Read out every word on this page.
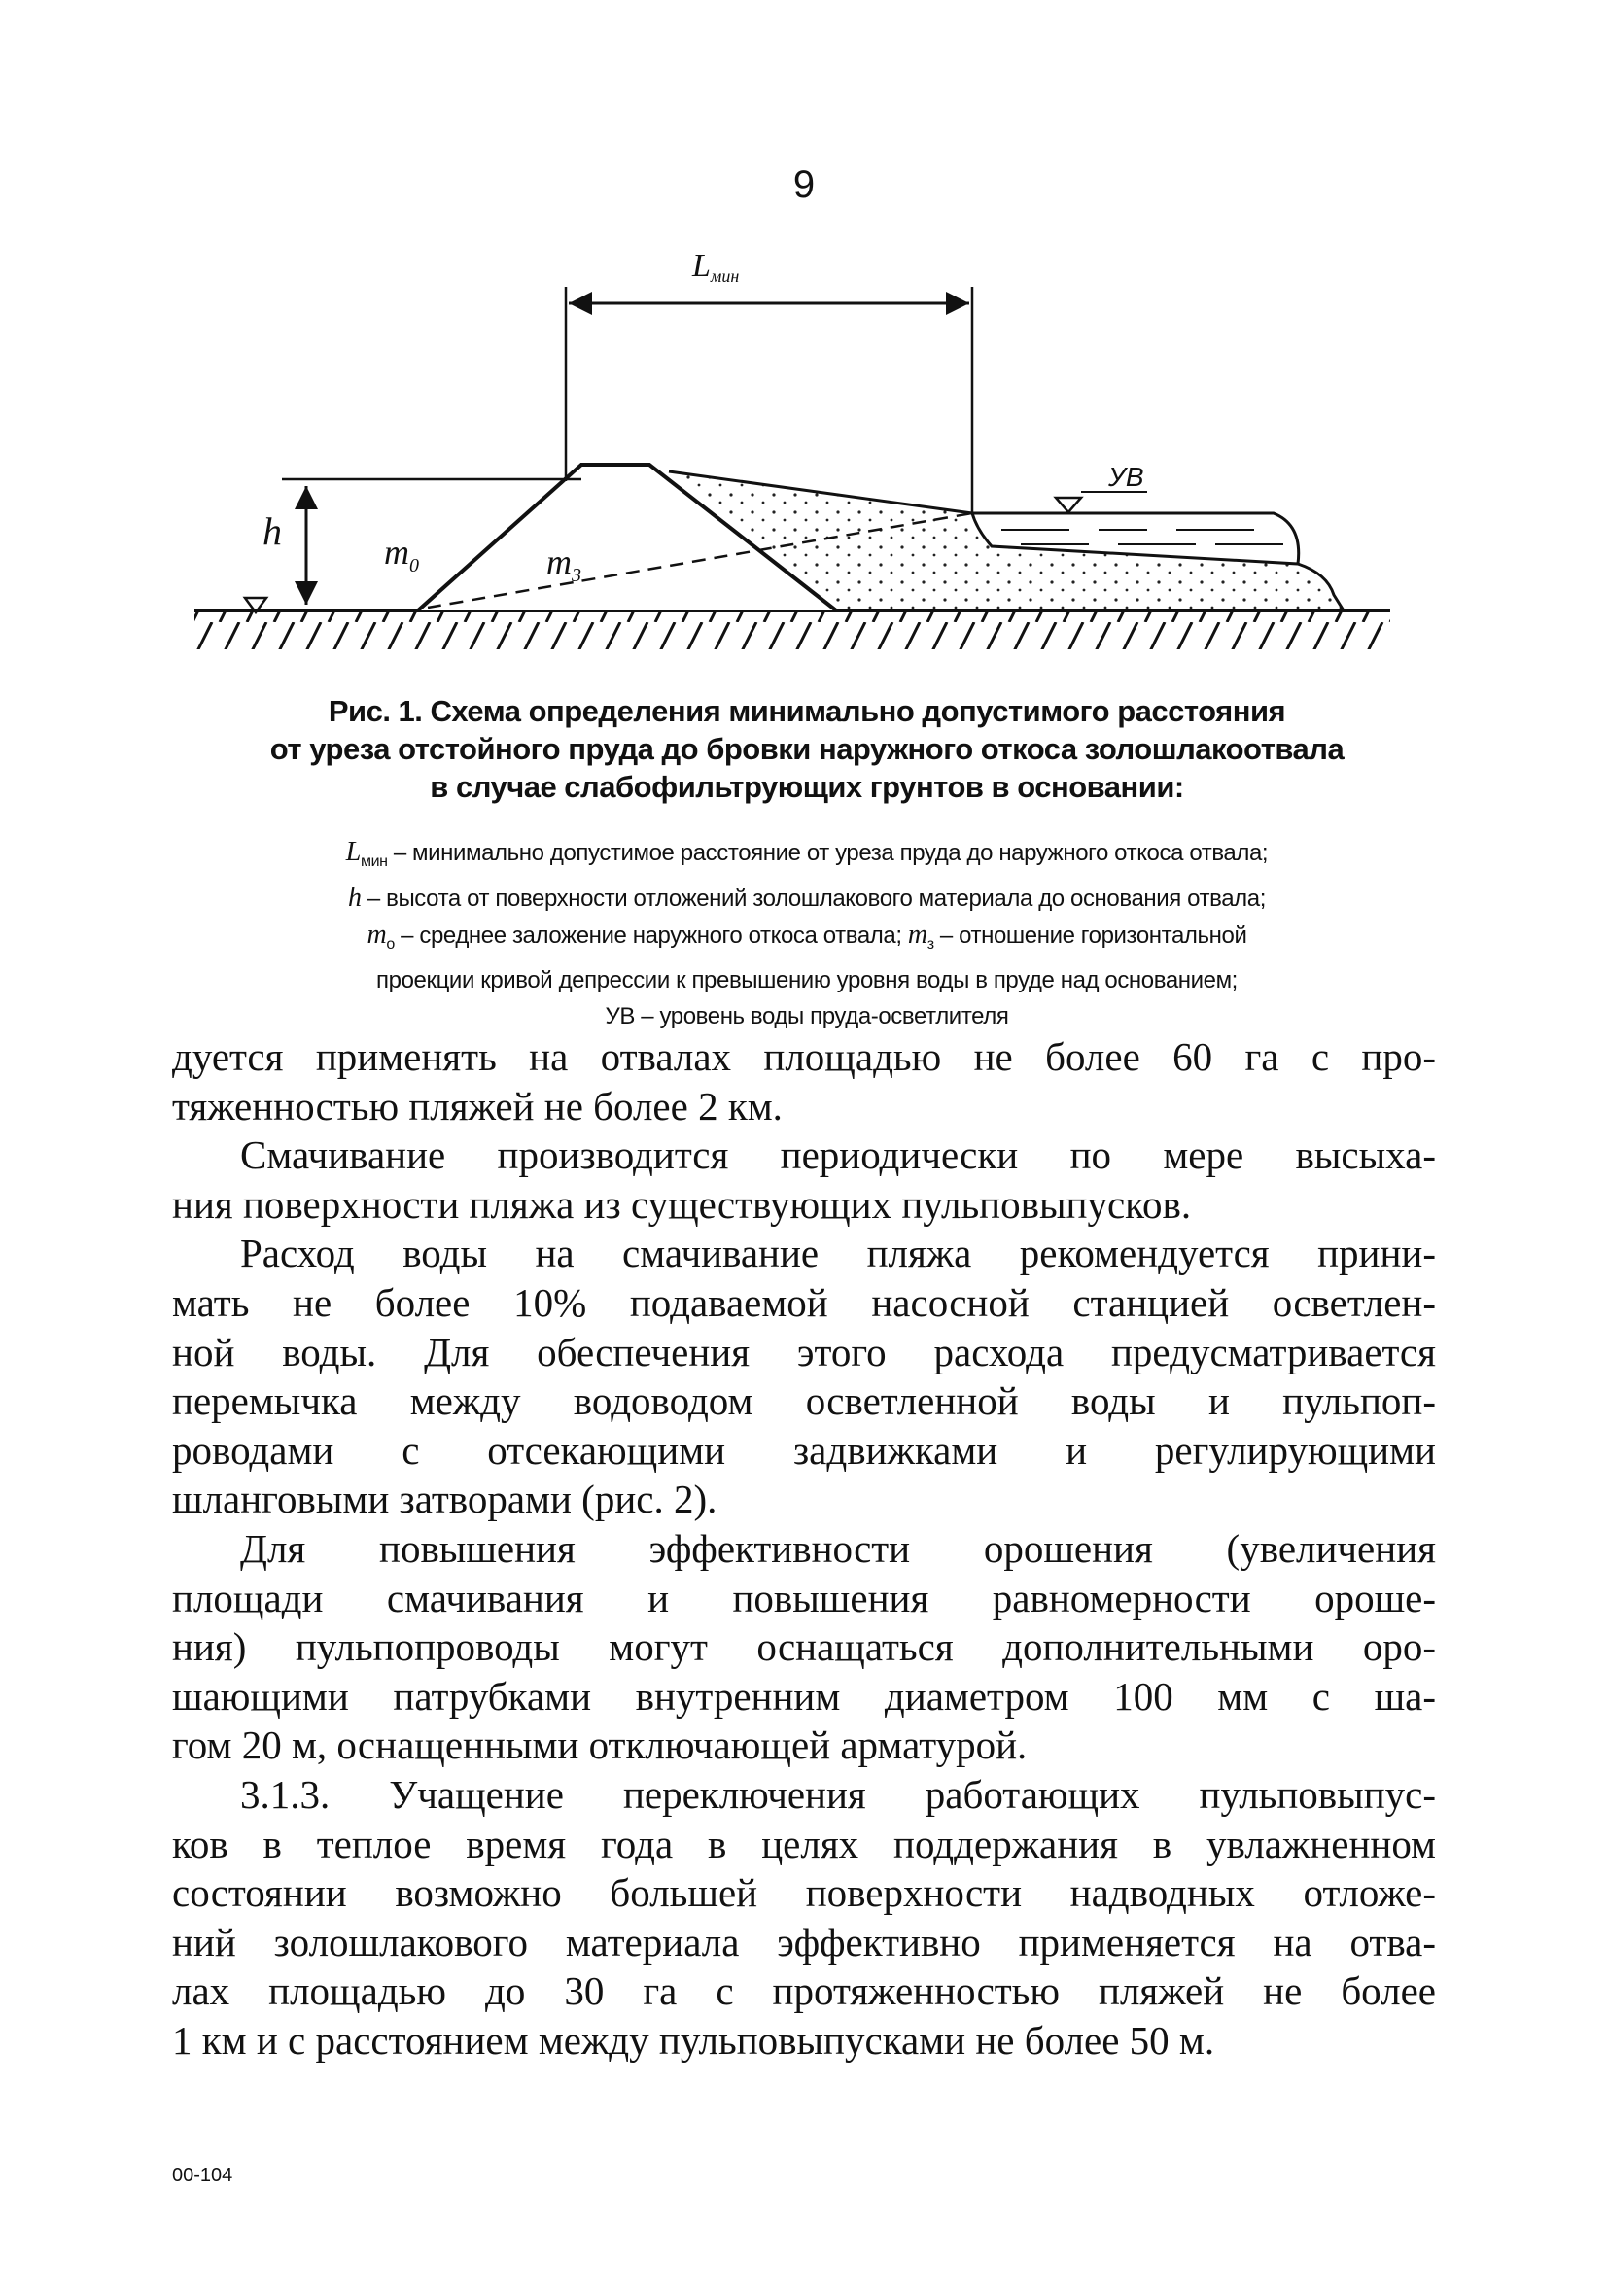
9
Lмин
h	$m_0$	$m_3$
УВ
Рис. 1. Схема определения минимально допустимого расстояния
от уреза отстойного пруда до бровки наружного откоса золошлакоотвала
в случае слабофильтрующих грунтов в основании:
$L_{мин}$ – минимально допустимое расстояние от уреза пруда до наружного откоса отвала;
h – высота от поверхности отложений золошлакового материала до основания отвала;
$m_о$ – среднее заложение наружного откоса отвала; $m_з$ – отношение горизонтальной
проекции кривой депрессии к превышению уровня воды в пруде над основанием;
УВ – уровень воды пруда-осветлителя

дуется применять на отвалах площадью не более 60 га с про-
тяженностью пляжей не более 2 км.

Смачивание производится периодически по мере высыха-
ния поверхности пляжа из существующих пульповыпусков.

Расход воды на смачивание пляжа рекомендуется прини-
мать не более 10% подаваемой насосной станцией осветлен-
ной воды. Для обеспечения этого расхода предусматривается
перемычка между водоводом осветленной воды и пульпоп-
роводами с отсекающими задвижками и регулирующими
шланговыми затворами (рис. 2).

Для повышения эффективности орошения (увеличения
площади смачивания и повышения равномерности ороше-
ния) пульпопроводы могут оснащаться дополнительными оро-
шающими патрубками внутренним диаметром 100 мм с ша-
гом 20 м, оснащенными отключающей арматурой.

3.1.3. Учащение переключения работающих пульповыпус-
ков в теплое время года в целях поддержания в увлажненном
состоянии возможно большей поверхности надводных отложе-
ний золошлакового материала эффективно применяется на отва-
лах площадью до 30 га с протяженностью пляжей не более
1 км и с расстоянием между пульповыпусками не более 50 м.

00-104
